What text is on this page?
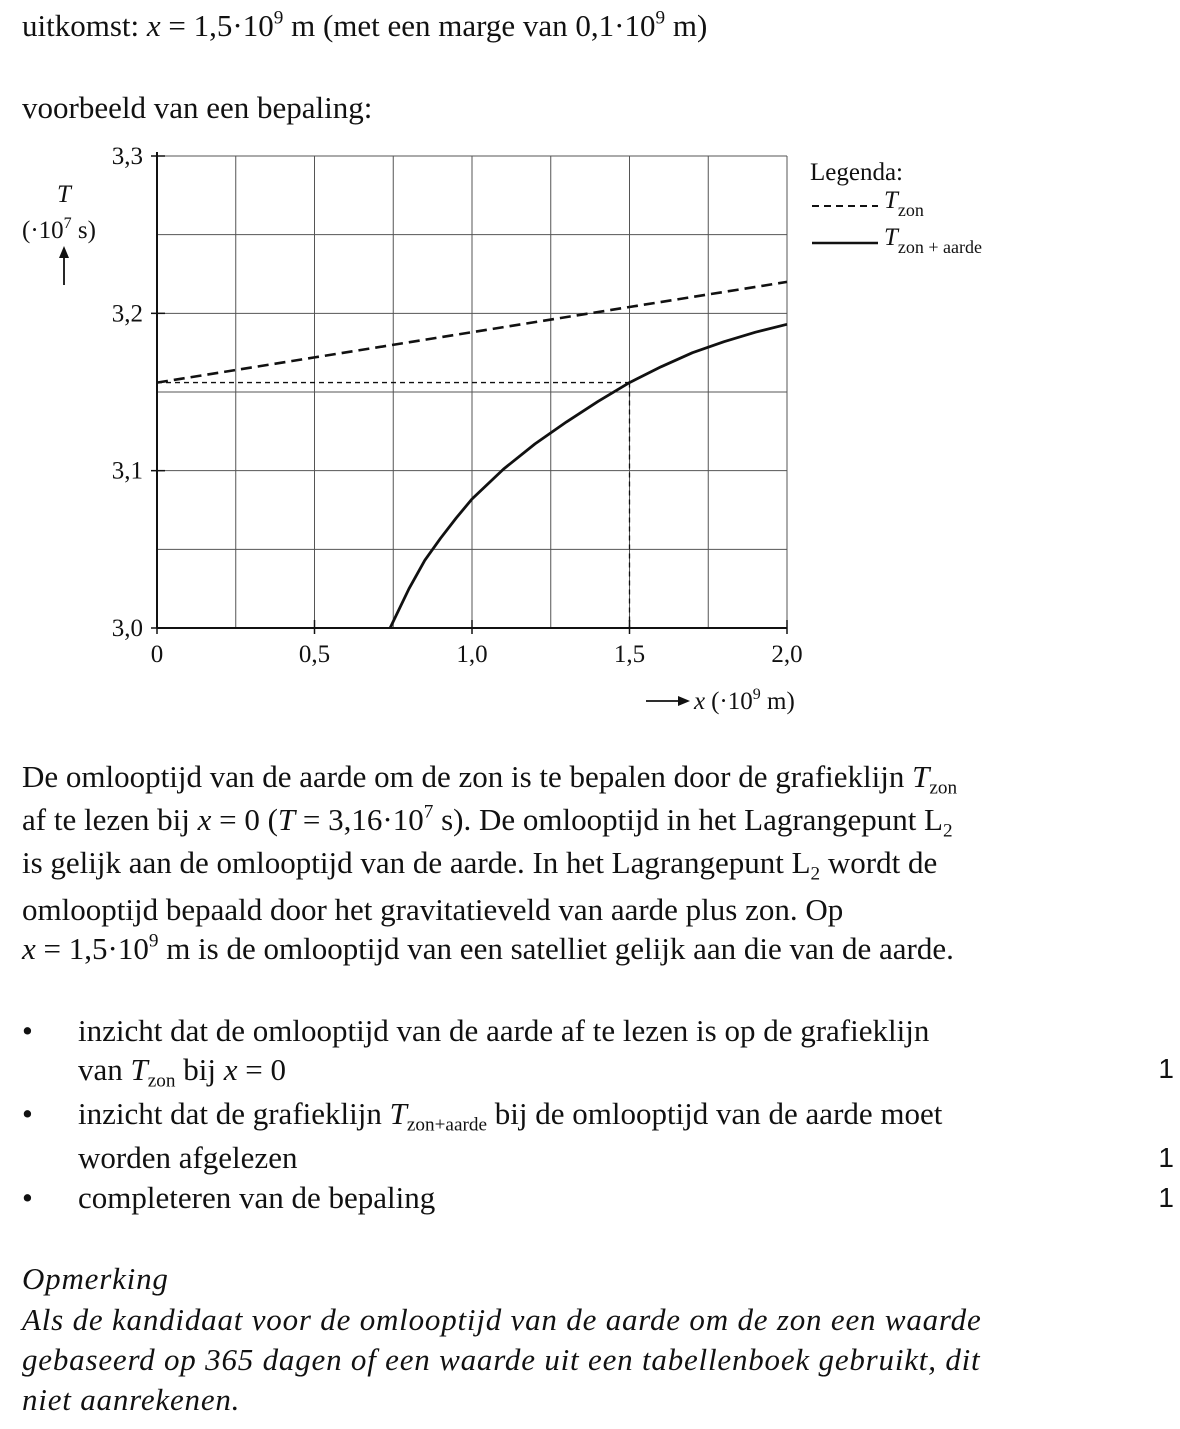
uitkomst: $x = 1,5\cdot 10^9$ m (met een marge van $0,1\cdot 10^9$ m)
voorbeeld van een bepaling:
0	0,5	1,0	1,5	2,0
3,0
3,1
3,2
3,3
T
($\cdot 10^7$ s)
x ($\cdot 10^9$ m)
Legenda:
$T_{zon}$
$T_{zon + aarde}$
De omlooptijd van de aarde om de zon is te bepalen door de grafieklijn $T_{zon}$
af te lezen bij x = 0 ($T = 3,16\cdot 10^7$ s). De omlooptijd in het Lagrangepunt $L_2$
is gelijk aan de omlooptijd van de aarde. In het Lagrangepunt $L_2$ wordt de
omlooptijd bepaald door het gravitatieveld van aarde plus zon. Op
$x = 1,5\cdot 10^9$ m is de omlooptijd van een satelliet gelijk aan die van de aarde.
• inzicht dat de omlooptijd van de aarde af te lezen is op de grafieklijn
van $T_{zon}$ bij x = 0	1
• inzicht dat de grafieklijn $T_{zon+aarde}$ bij de omlooptijd van de aarde moet
worden afgelezen	1
• completeren van de bepaling	1
Opmerking
Als de kandidaat voor de omlooptijd van de aarde om de zon een waarde
gebaseerd op 365 dagen of een waarde uit een tabellenboek gebruikt, dit
niet aanrekenen.
